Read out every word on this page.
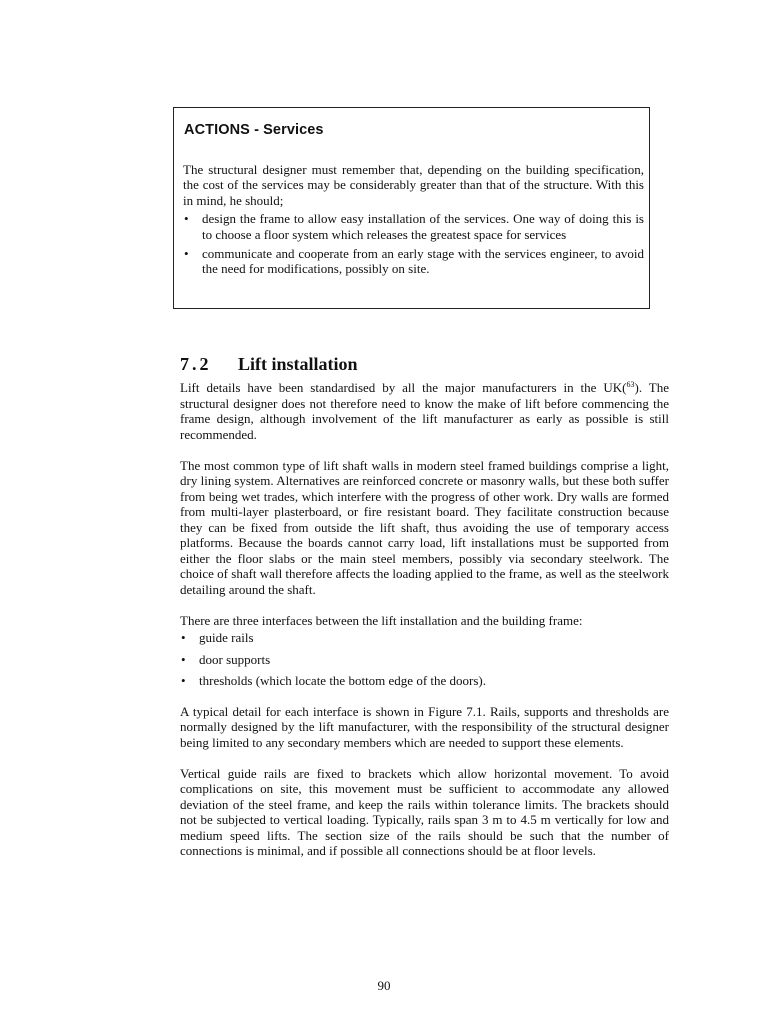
ACTIONS - Services

The structural designer must remember that, depending on the building specification, the cost of the services may be considerably greater than that of the structure. With this in mind, he should;

• design the frame to allow easy installation of the services. One way of doing this is to choose a floor system which releases the greatest space for services
• communicate and cooperate from an early stage with the services engineer, to avoid the need for modifications, possibly on site.
7.2 Lift installation

Lift details have been standardised by all the major manufacturers in the UK($^{63}$). The structural designer does not therefore need to know the make of lift before commencing the frame design, although involvement of the lift manufacturer as early as possible is still recommended.

The most common type of lift shaft walls in modern steel framed buildings comprise a light, dry lining system. Alternatives are reinforced concrete or masonry walls, but these both suffer from being wet trades, which interfere with the progress of other work. Dry walls are formed from multi-layer plasterboard, or fire resistant board. They facilitate construction because they can be fixed from outside the lift shaft, thus avoiding the use of temporary access platforms. Because the boards cannot carry load, lift installations must be supported from either the floor slabs or the main steel members, possibly via secondary steelwork. The choice of shaft wall therefore affects the loading applied to the frame, as well as the steelwork detailing around the shaft.

There are three interfaces between the lift installation and the building frame:

• guide rails
• door supports
• thresholds (which locate the bottom edge of the doors).

A typical detail for each interface is shown in Figure 7.1. Rails, supports and thresholds are normally designed by the lift manufacturer, with the responsibility of the structural designer being limited to any secondary members which are needed to support these elements.

Vertical guide rails are fixed to brackets which allow horizontal movement. To avoid complications on site, this movement must be sufficient to accommodate any allowed deviation of the steel frame, and keep the rails within tolerance limits. The brackets should not be subjected to vertical loading. Typically, rails span 3 m to 4.5 m vertically for low and medium speed lifts. The section size of the rails should be such that the number of connections is minimal, and if possible all connections should be at floor levels.

90
